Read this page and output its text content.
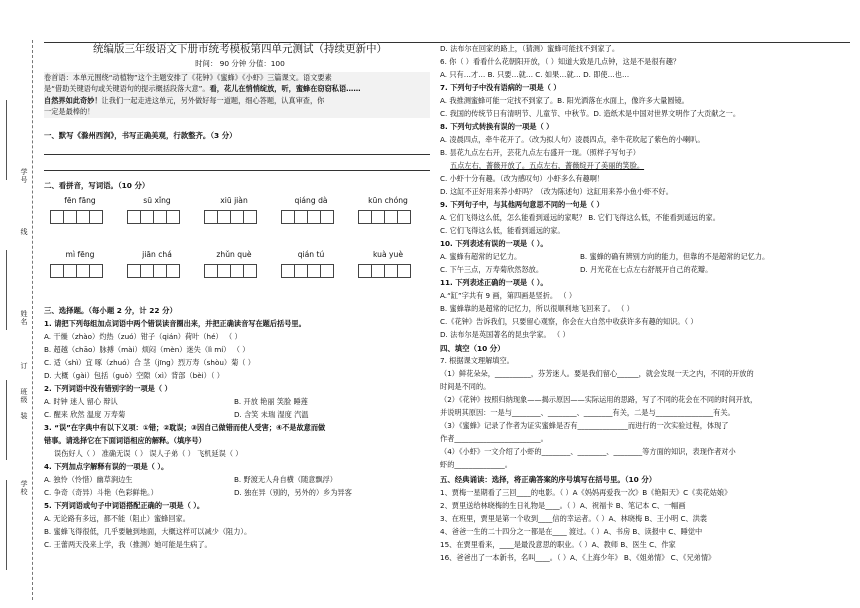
学号
线
姓名
订
班级
装
学校
统编版三年级语文下册市统考模板第四单元测试（持续更新中）
时间： 90 分钟 分值：100
卷首语：本单元围绕“动植物”这个主题安排了《花钟》《蜜蜂》《小虾》三篇课文。语文要素
是“借助关键语句或关键语句的提示概括段落大意”。看，花儿在悄悄绽放，听，蜜蜂在窃窃私语……
自然界如此奇妙！让我们一起走进这单元，另外做好每一道题，细心答题，认真审查，你
一定是最棒的！
一、默写《滁州西涧》，书写正确美观，行款整齐。（3 分）
二、看拼音，写词语。（10 分）
fēn fāng	sū xǐng	xiū jiàn	qiáng dà	kūn chóng
mì fēng	jiān chá	zhǔn què	qián tú	kuà yuè
三、选择题。（每小题 2 分，计 22 分）
1. 请把下列每组加点词语中两个错误读音圈出来，并把正确读音写在题后括号里。
A. 干燥（zhào）灼热（zuó）钳子（qián）荷叶（hé） （ ）
B. 超越（chāo）脉搏（mài）烦闷（mèn）迷失（lì mí） （ ）
C. 适（shì）宜 啄（zhuó）合 茎（jīng）烈万寿（shòu）菊（ ）
D. 大概（gài）包括（guò）空隙（xì）背部（bèi）（ ）
2. 下列词语中没有错别字的一项是（ ）
A. 时钟 迷人 留心 辩认	B. 开放 艳丽 笑脸 睡莲
C. 醒来 欣然 温度 万寿菊	D. 含笑 未瑞 湿度 汽温
3. “误”在字典中有以下义项：①错；②耽误；③因自己做错而使人受害；④不是故意而做
错事。请选择它在下面词语相应的解释。（填序号）
误伤好人（ ） 准确无误（ ） 误人子弟（ ） 飞机延误（ ）
4. 下列加点字解释有误的一项是（ ）。
A. 独怜（怜惜）幽草涧边生	B. 野渡无人舟自横（随意飘浮）
C. 争奇（奇异）斗艳（色彩鲜艳。）	D. 独在异（别的，另外的）乡为异客
5. 下列词语或句子中词语搭配正确的一项是（ ）。
A. 无论路有多远，都不能（阻止）蜜蜂回家。
B. 蜜蜂飞得很低，几乎要触到地面，大概这样可以减少（阻力）。
C. 王蕾两天没来上学，我（推测）她可能是生病了。
D. 法布尔在回家的路上，（猜测）蜜蜂可能找不到家了。
6. 你（ ）看看什么花朝阳开放，（ ）知道大致是几点钟，这是不是很有趣？
A. 只有…才… B. 只要…就… C. 如果…就… D. 即使…也…
7. 下列句子中没有语病的一项是（ ）
A. 我推测蜜蜂可能一定找不到家了。B. 阳光洒落在水面上，像许多大量圆镜。
C. 我国的传统节日有清明节、儿童节、中秋节。D. 造纸术是中国对世界文明作了大贡献之一。
8. 下列句式转换有误的一项是（ ）
A. 凌晨四点，牵牛花开了。（改为拟人句）凌晨四点，牵牛花吹起了紫色的小喇叭。
B. 昙花九点左右开，芸花九点左右盛开一现。（照样子写句子）
五点左右，蔷薇开放了。五点左右，蔷薇绽开了美丽的笑脸。
C. 小虾十分有趣。（改为感叹句）小虾多么有趣啊！
D. 这缸不正好用来养小虾吗？（改为陈述句）这缸用来养小鱼小虾不好。
9. 下列句子中，与其他两句意思不同的一句是（ ）
A. 它们飞得这么低，怎么能看到遥远的家呢？ B. 它们飞得这么低，不能看到遥远的家。
C. 它们飞得这么低，能看到遥远的家。
10. 下列表述有误的一项是（ ）。
A. 蜜蜂有超常的记忆力。	B. 蜜蜂的确有辨别方向的能力，但靠的不是超常的记忆力。
C. 下午三点，万寿菊欣然怒放。	D. 月光花在七点左右舒展开自己的花瓣。
11. 下列表述正确的一项是（ ）。
A.“缸”字共有 9 画，第四画是竖折。 （ ）
B. 蜜蜂靠的是超常的记忆力，所以很顺利地飞回来了。 （ ）
C.《花钟》告诉我们，只要留心观察，你会在大自然中收获许多有趣的知识。（ ）
D. 法布尔是英国著名的昆虫学家。 （ ）
四、填空（10 分）
7. 根据课文理解填空。
（1）鲜花朵朵，__________，芬芳迷人。要是我们留心______，就会发现一天之内，不同的开放的
时间是不同的。
（2）《花钟》按照归纳现象——揭示原因——实际运用的思路，写了不同的花会在不同的时间开放，
并说明其原因：一是与________、________、________有关，二是与________________有关。
（3）《蜜蜂》记录了作者为证实蜜蜂是否有______________而进行的一次实验过程，体现了
作者________________________。
（4）《小虾》一文介绍了小虾的________、________、________等方面的知识，表现作者对小
虾的______________。
五、经典诵读：选择，将正确答案的序号填写在括号里。（10 分）
1、贾梅一星期看了三回____的电影。（ ）A《妈妈再爱我一次》B《艳阳天》C《卖花姑娘》
2、贾里送给林晓梅的生日礼物是____。（ ）A、祝福卡 B、笔记本 C、一幅画
3、在班里，贾里是第一个收到____信的幸运者。（ ）A、林晓梅 B、王小明 C、洪裳
4、爸爸一生的二十四分之一都是在____ 渡过。（ ）A、书房 B、读报中 C、睡觉中
15、在贾里看来，____是最没意思的职业。（ ）A、教师 B、医生 C、作家
16、爸爸出了一本新书，名叫____。（ ）A、《上海少年》 B、《姐弟情》 C、《兄弟情》
